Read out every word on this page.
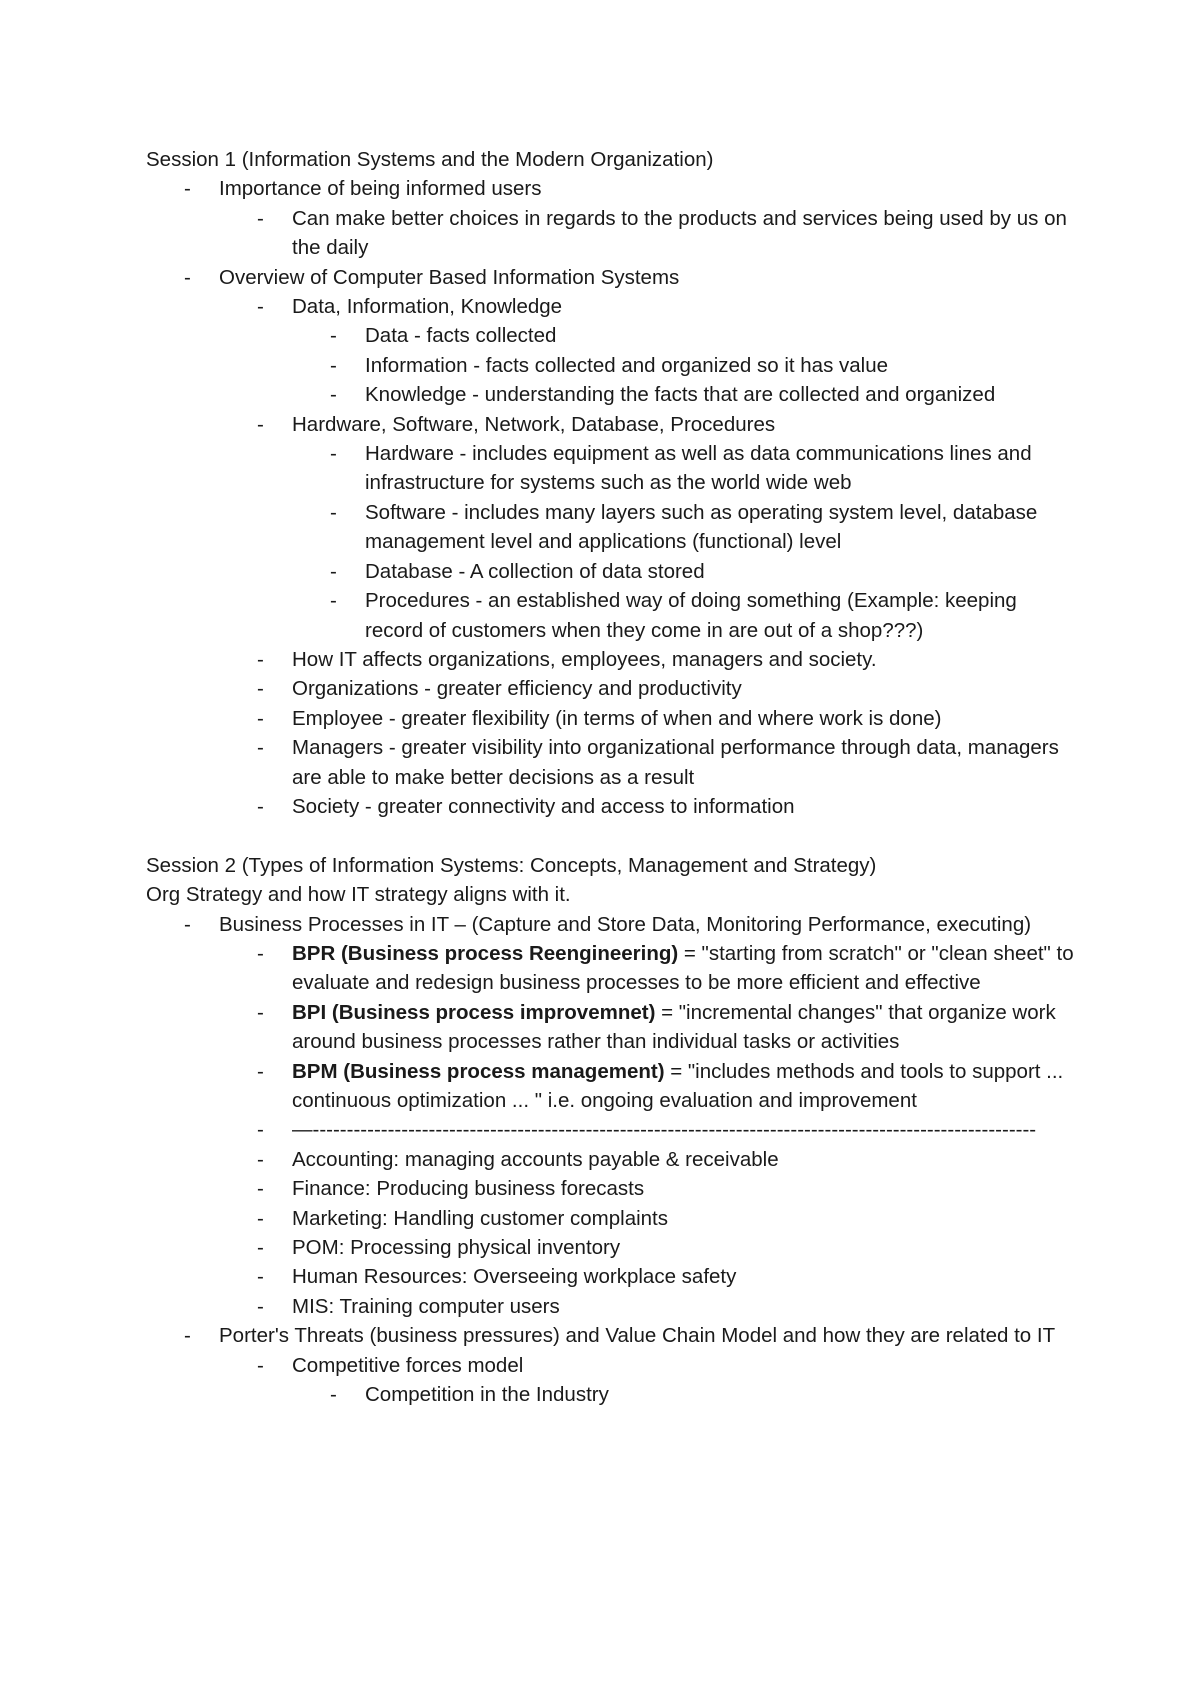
Session 1 (Information Systems and the Modern Organization)

-	Importance of being informed users
-	Can make better choices in regards to the products and services being used by us on the daily
-	Overview of Computer Based Information Systems
-	Data, Information, Knowledge
-	Data - facts collected
-	Information - facts collected and organized so it has value
-	Knowledge - understanding the facts that are collected and organized
-	Hardware, Software, Network, Database, Procedures
-	Hardware - includes equipment as well as data communications lines and infrastructure for systems such as the world wide web
-	Software - includes many layers such as operating system level, database management level and applications (functional) level
-	Database - A collection of data stored
-	Procedures - an established way of doing something (Example: keeping record of customers when they come in are out of a shop???)
-	How IT affects organizations, employees, managers and society.
-	Organizations - greater efficiency and productivity
-	Employee - greater flexibility (in terms of when and where work is done)
-	Managers - greater visibility into organizational performance through data, managers are able to make better decisions as a result
-	Society - greater connectivity and access to information

Session 2 (Types of Information Systems: Concepts, Management and Strategy)

Org Strategy and how IT strategy aligns with it.

-	Business Processes in IT – (Capture and Store Data, Monitoring Performance, executing)
-	BPR (Business process Reengineering) = "starting from scratch" or "clean sheet" to evaluate and redesign business processes to be more efficient and effective
-	BPI (Business process improvemnet) = "incremental changes" that organize work around business processes rather than individual tasks or activities
-	BPM (Business process management) = "includes methods and tools to support ... continuous optimization ... " i.e. ongoing evaluation and improvement
-	—----------------------------------------------------------------------------------------------------------
-	Accounting: managing accounts payable & receivable
-	Finance: Producing business forecasts
-	Marketing: Handling customer complaints
-	POM: Processing physical inventory
-	Human Resources: Overseeing workplace safety
-	MIS: Training computer users
-	Porter's Threats (business pressures) and Value Chain Model and how they are related to IT
-	Competitive forces model
-	Competition in the Industry
